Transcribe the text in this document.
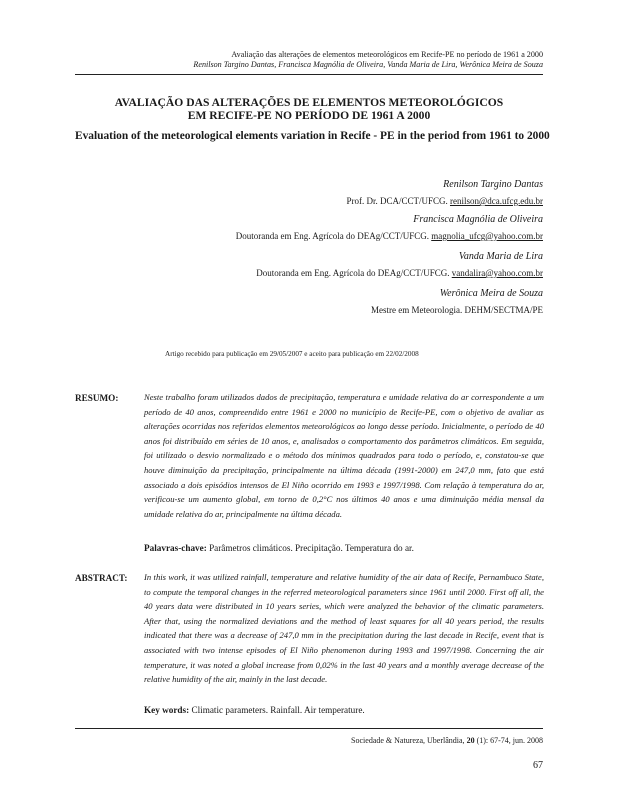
Avaliação das alterações de elementos meteorológicos em Recife-PE no período de 1961 a 2000
Renilson Targino Dantas, Francisca Magnólia de Oliveira, Vanda Maria de Lira, Werônica Meira de Souza
AVALIAÇÃO DAS ALTERAÇÕES DE ELEMENTOS METEOROLÓGICOS
EM RECIFE-PE NO PERÍODO DE 1961 A 2000
Evaluation of the meteorological elements variation in Recife - PE in the period from 1961 to 2000
Renilson Targino Dantas
Prof. Dr. DCA/CCT/UFCG. renilson@dca.ufcg.edu.br
Francisca Magnólia de Oliveira
Doutoranda em Eng. Agrícola do DEAg/CCT/UFCG. magnolia_ufcg@yahoo.com.br
Vanda Maria de Lira
Doutoranda em Eng. Agrícola do DEAg/CCT/UFCG. vandalira@yahoo.com.br
Werônica Meira de Souza
Mestre em Meteorologia. DEHM/SECTMA/PE
Artigo recebido para publicação em 29/05/2007 e aceito para publicação em 22/02/2008
RESUMO:	Neste trabalho foram utilizados dados de precipitação, temperatura e umidade relativa do ar correspondente a um período de 40 anos, compreendido entre 1961 e 2000 no município de Recife-PE, com o objetivo de avaliar as alterações ocorridas nos referidos elementos meteorológicos ao longo desse período. Inicialmente, o período de 40 anos foi distribuído em séries de 10 anos, e, analisados o comportamento dos parâmetros climáticos. Em seguida, foi utilizado o desvio normalizado e o método dos mínimos quadrados para todo o período, e, constatou-se que houve diminuição da precipitação, principalmente na última década (1991-2000) em 247,0 mm, fato que está associado a dois episódios intensos de El Niño ocorrido em 1993 e 1997/1998. Com relação à temperatura do ar, verificou-se um aumento global, em torno de 0,2°C nos últimos 40 anos e uma diminuição média mensal da umidade relativa do ar, principalmente na última década.
Palavras-chave: Parâmetros climáticos. Precipitação. Temperatura do ar.
ABSTRACT: In this work, it was utilized rainfall, temperature and relative humidity of the air data of Recife, Pernambuco State, to compute the temporal changes in the referred meteorological parameters since 1961 until 2000. First off all, the 40 years data were distributed in 10 years series, which were analyzed the behavior of the climatic parameters. After that, using the normalized deviations and the method of least squares for all 40 years period, the results indicated that there was a decrease of 247,0 mm in the precipitation during the last decade in Recife, event that is associated with two intense episodes of El Niño phenomenon during 1993 and 1997/1998. Concerning the air temperature, it was noted a global increase from 0,02% in the last 40 years and a monthly average decrease of the relative humidity of the air, mainly in the last decade.
Key words: Climatic parameters. Rainfall. Air temperature.
Sociedade & Natureza, Uberlândia, 20 (1): 67-74, jun. 2008
67
